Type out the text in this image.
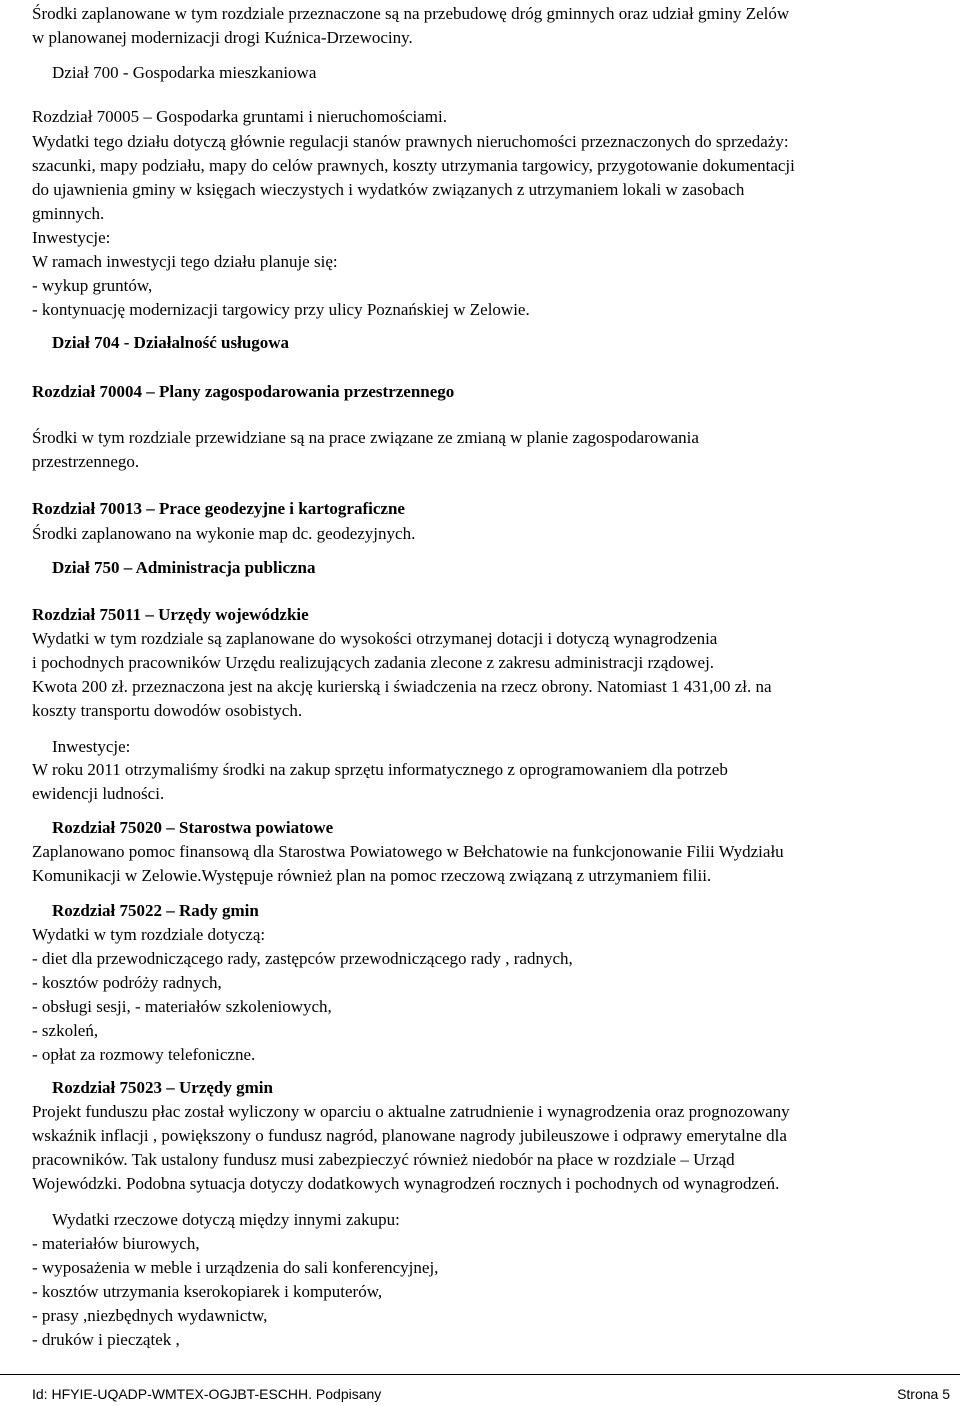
Środki zaplanowane w tym rozdziale przeznaczone są na przebudowę dróg gminnych oraz udział gminy Zelów
w planowanej modernizacji drogi Kuźnica-Drzewociny.
Dział 700 - Gospodarka mieszkaniowa
Rozdział 70005 – Gospodarka gruntami i nieruchomościami.
Wydatki tego działu dotyczą głównie regulacji stanów prawnych nieruchomości przeznaczonych do sprzedaży:
szacunki, mapy podziału, mapy do celów prawnych, koszty utrzymania targowicy, przygotowanie dokumentacji
do ujawnienia gminy w księgach wieczystych i wydatków związanych z utrzymaniem lokali w zasobach
gminnych.
Inwestycje:
W ramach inwestycji tego działu planuje się:
- wykup gruntów,
- kontynuację modernizacji targowicy przy ulicy Poznańskiej w Zelowie.
Dział 704 - Działalność usługowa
Rozdział 70004 – Plany zagospodarowania przestrzennego
Środki w tym rozdziale przewidziane są na prace związane ze zmianą w planie zagospodarowania
przestrzennego.
Rozdział 70013 – Prace geodezyjne i kartograficzne
Środki zaplanowano na wykonie map dc. geodezyjnych.
Dział 750 – Administracja publiczna
Rozdział 75011 – Urzędy wojewódzkie
Wydatki w tym rozdziale są zaplanowane do wysokości otrzymanej dotacji i dotyczą wynagrodzenia
i pochodnych pracowników Urzędu realizujących zadania zlecone z zakresu administracji rządowej.
Kwota 200 zł. przeznaczona jest na akcję kurierską i świadczenia na rzecz obrony. Natomiast 1 431,00 zł. na
koszty transportu dowodów osobistych.
Inwestycje:
W roku 2011 otrzymaliśmy środki na zakup sprzętu informatycznego z oprogramowaniem dla potrzeb
ewidencji ludności.
Rozdział 75020 – Starostwa powiatowe
Zaplanowano pomoc finansową dla Starostwa Powiatowego w Bełchatowie na funkcjonowanie Filii Wydziału
Komunikacji w Zelowie.Występuje również plan na pomoc rzeczową związaną z utrzymaniem filii.
Rozdział 75022 – Rady gmin
Wydatki w tym rozdziale dotyczą:
- diet dla przewodniczącego rady, zastępców przewodniczącego rady , radnych,
- kosztów podróży radnych,
- obsługi sesji, - materiałów szkoleniowych,
- szkoleń,
- opłat za rozmowy telefoniczne.
Rozdział 75023 – Urzędy gmin
Projekt funduszu płac został wyliczony w oparciu o aktualne zatrudnienie i wynagrodzenia oraz prognozowany
wskaźnik inflacji , powiększony o fundusz nagród, planowane nagrody jubileuszowe i odprawy emerytalne dla
pracowników. Tak ustalony fundusz musi zabezpieczyć również niedobór na płace w rozdziale – Urząd
Wojewódzki. Podobna sytuacja dotyczy dodatkowych wynagrodzeń rocznych i pochodnych od wynagrodzeń.
Wydatki rzeczowe dotyczą między innymi zakupu:
- materiałów biurowych,
- wyposażenia w meble i urządzenia do sali konferencyjnej,
- kosztów utrzymania kserokopiarek i komputerów,
- prasy ,niezbędnych wydawnictw,
- druków i pieczątek ,
Id: HFYIE-UQADP-WMTEX-OGJBT-ESCHH. Podpisany	Strona 5
